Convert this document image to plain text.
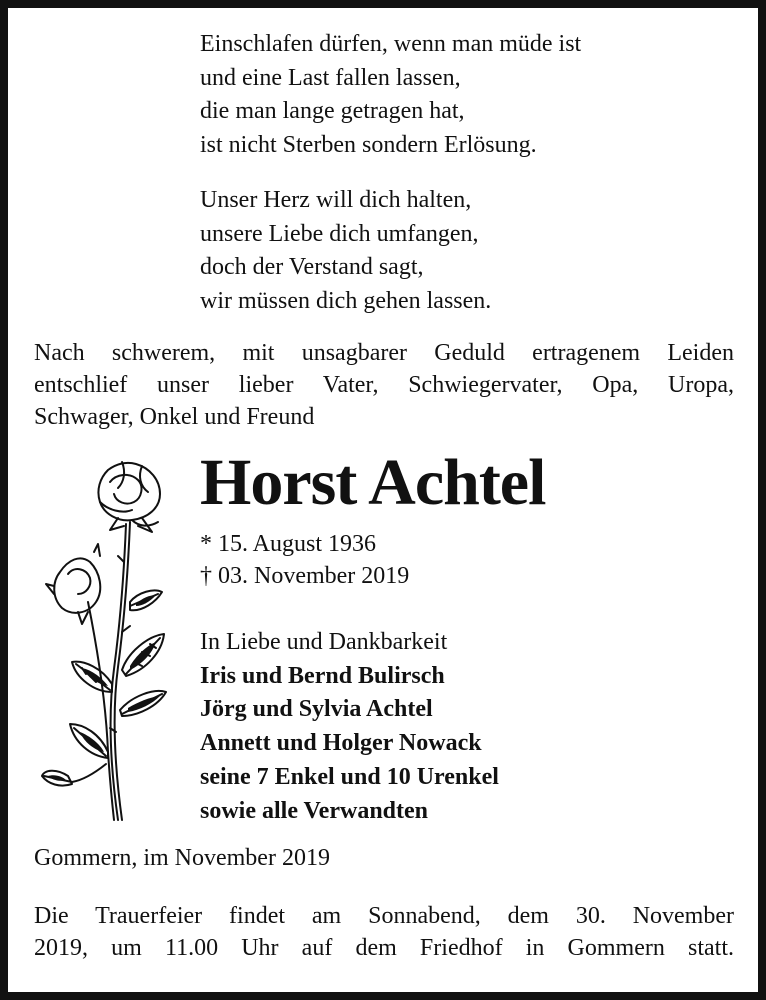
Einschlafen dürfen, wenn man müde ist
und eine Last fallen lassen,
die man lange getragen hat,
ist nicht Sterben sondern Erlösung.
Unser Herz will dich halten,
unsere Liebe dich umfangen,
doch der Verstand sagt,
wir müssen dich gehen lassen.
Nach schwerem, mit unsagbarer Geduld ertragenem Leiden
entschlief unser lieber Vater, Schwiegervater, Opa, Uropa,
Schwager, Onkel und Freund
Horst Achtel
* 15. August 1936
† 03. November 2019
In Liebe und Dankbarkeit
Iris und Bernd Bulirsch
Jörg und Sylvia Achtel
Annett und Holger Nowack
seine 7 Enkel und 10 Urenkel
sowie alle Verwandten
Gommern, im November 2019
Die Trauerfeier findet am Sonnabend, dem 30. November
2019, um 11.00 Uhr auf dem Friedhof in Gommern statt.
